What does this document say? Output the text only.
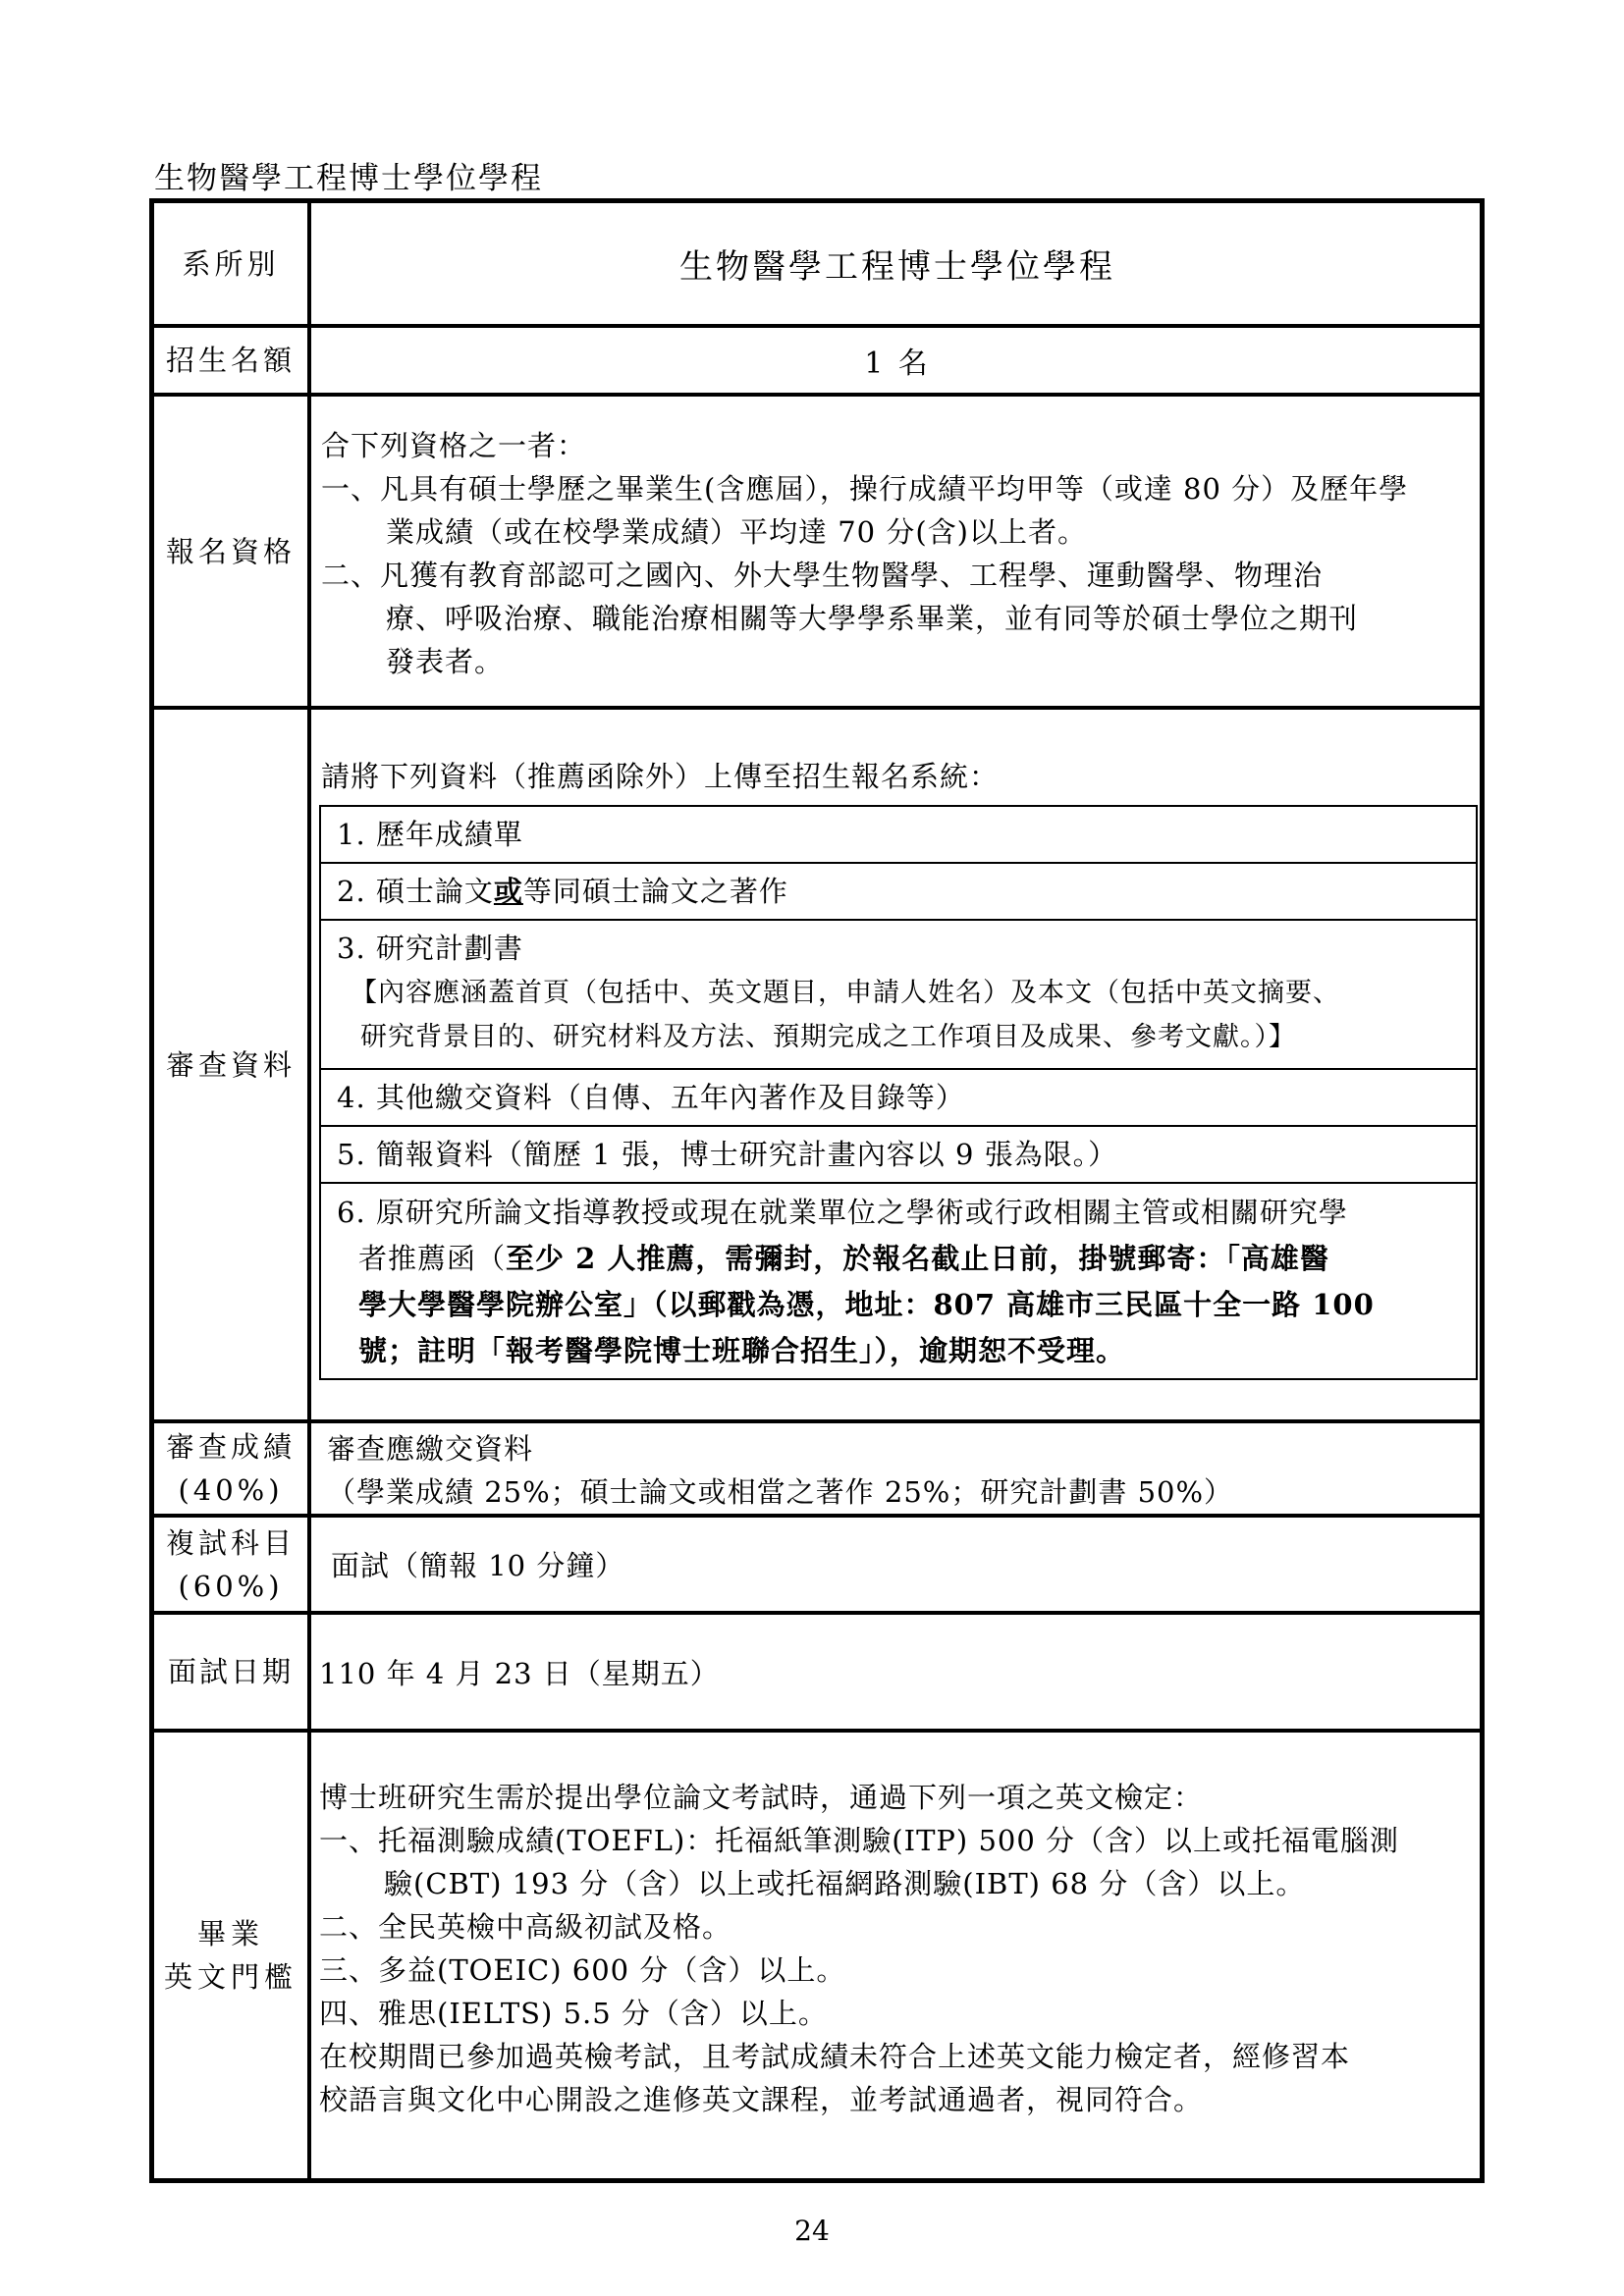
生物醫學工程博士學位學程
系所別	生物醫學工程博士學位學程
招生名額	1 名
報名資格

合下列資格之一者：

一、凡具有碩士學歷之畢業生(含應屆），操行成績平均甲等（或達 80 分）及歷年學

業成績（或在校學業成績）平均達 70 分(含)以上者。

二、凡獲有教育部認可之國內、外大學生物醫學、工程學、運動醫學、物理治

療、呼吸治療、職能治療相關等大學學系畢業，並有同等於碩士學位之期刊

發表者。

審查資料

請將下列資料（推薦函除外）上傳至招生報名系統：

1. 歷年成績單
2. 碩士論文或等同碩士論文之著作
3. 研究計劃書
【內容應涵蓋首頁（包括中、英文題目，申請人姓名）及本文（包括中英文摘要、
研究背景目的、研究材料及方法、預期完成之工作項目及成果、參考文獻。）】
4. 其他繳交資料（自傳、五年內著作及目錄等）
5. 簡報資料（簡歷 1 張，博士研究計畫內容以 9 張為限。）
6. 原研究所論文指導教授或現在就業單位之學術或行政相關主管或相關研究學
者推薦函（至少 2 人推薦，需彌封，於報名截止日前，掛號郵寄：「高雄醫
學大學醫學院辦公室」（以郵戳為憑，地址：807 高雄市三民區十全一路 100
號；註明「報考醫學院博士班聯合招生」），逾期恕不受理。
審查成績
(40%)

審查應繳交資料

（學業成績 25%；碩士論文或相當之著作 25%；研究計劃書 50%）

複試科目
(60%)
面試（簡報 10 分鐘）
面試日期 110 年 4 月 23 日（星期五）
畢業
英文門檻

博士班研究生需於提出學位論文考試時，通過下列一項之英文檢定：

一、托福測驗成績(TOEFL)：托福紙筆測驗(ITP) 500 分（含）以上或托福電腦測

驗(CBT) 193 分（含）以上或托福網路測驗(IBT) 68 分（含）以上。

二、全民英檢中高級初試及格。

三、多益(TOEIC) 600 分（含）以上。

四、雅思(IELTS) 5.5 分（含）以上。

在校期間已參加過英檢考試，且考試成績未符合上述英文能力檢定者，經修習本

校語言與文化中心開設之進修英文課程，並考試通過者，視同符合。

24
